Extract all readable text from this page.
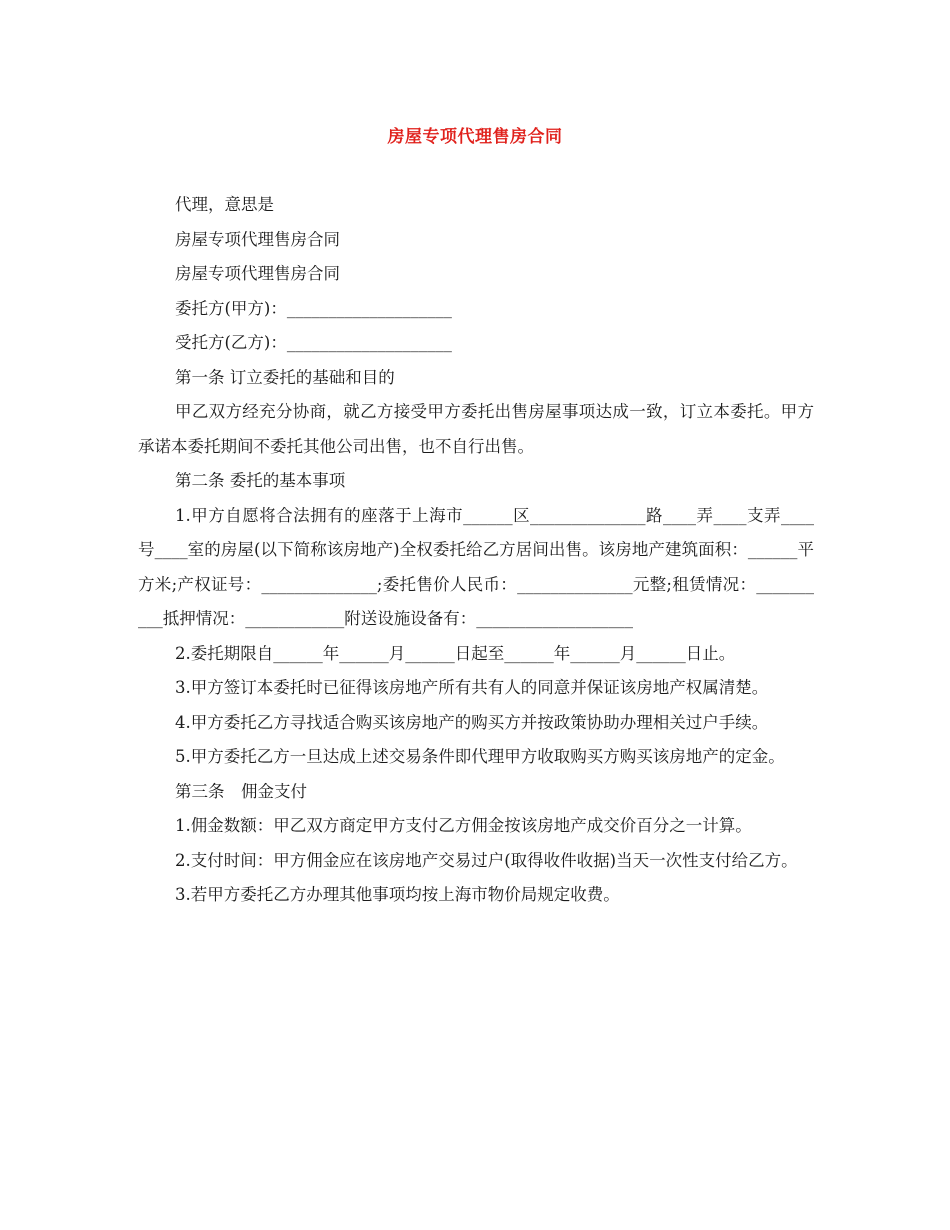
房屋专项代理售房合同

代理，意思是

房屋专项代理售房合同

房屋专项代理售房合同

委托方(甲方)：____________________

受托方(乙方)：____________________

第一条 订立委托的基础和目的

甲乙双方经充分协商，就乙方接受甲方委托出售房屋事项达成一致，订立本委托。甲方承诺本委托期间不委托其他公司出售，也不自行出售。

第二条 委托的基本事项

1.甲方自愿将合法拥有的座落于上海市______区______________路____弄____支弄____号____室的房屋(以下简称该房地产)全权委托给乙方居间出售。该房地产建筑面积：______平方米;产权证号：______________;委托售价人民币：______________元整;租赁情况：__________抵押情况：____________附送设施设备有：___________________

2.委托期限自______年______月______日起至______年______月______日止。

3.甲方签订本委托时已征得该房地产所有共有人的同意并保证该房地产权属清楚。

4.甲方委托乙方寻找适合购买该房地产的购买方并按政策协助办理相关过户手续。

5.甲方委托乙方一旦达成上述交易条件即代理甲方收取购买方购买该房地产的定金。

第三条　佣金支付

1.佣金数额：甲乙双方商定甲方支付乙方佣金按该房地产成交价百分之一计算。

2.支付时间：甲方佣金应在该房地产交易过户(取得收件收据)当天一次性支付给乙方。

3.若甲方委托乙方办理其他事项均按上海市物价局规定收费。
